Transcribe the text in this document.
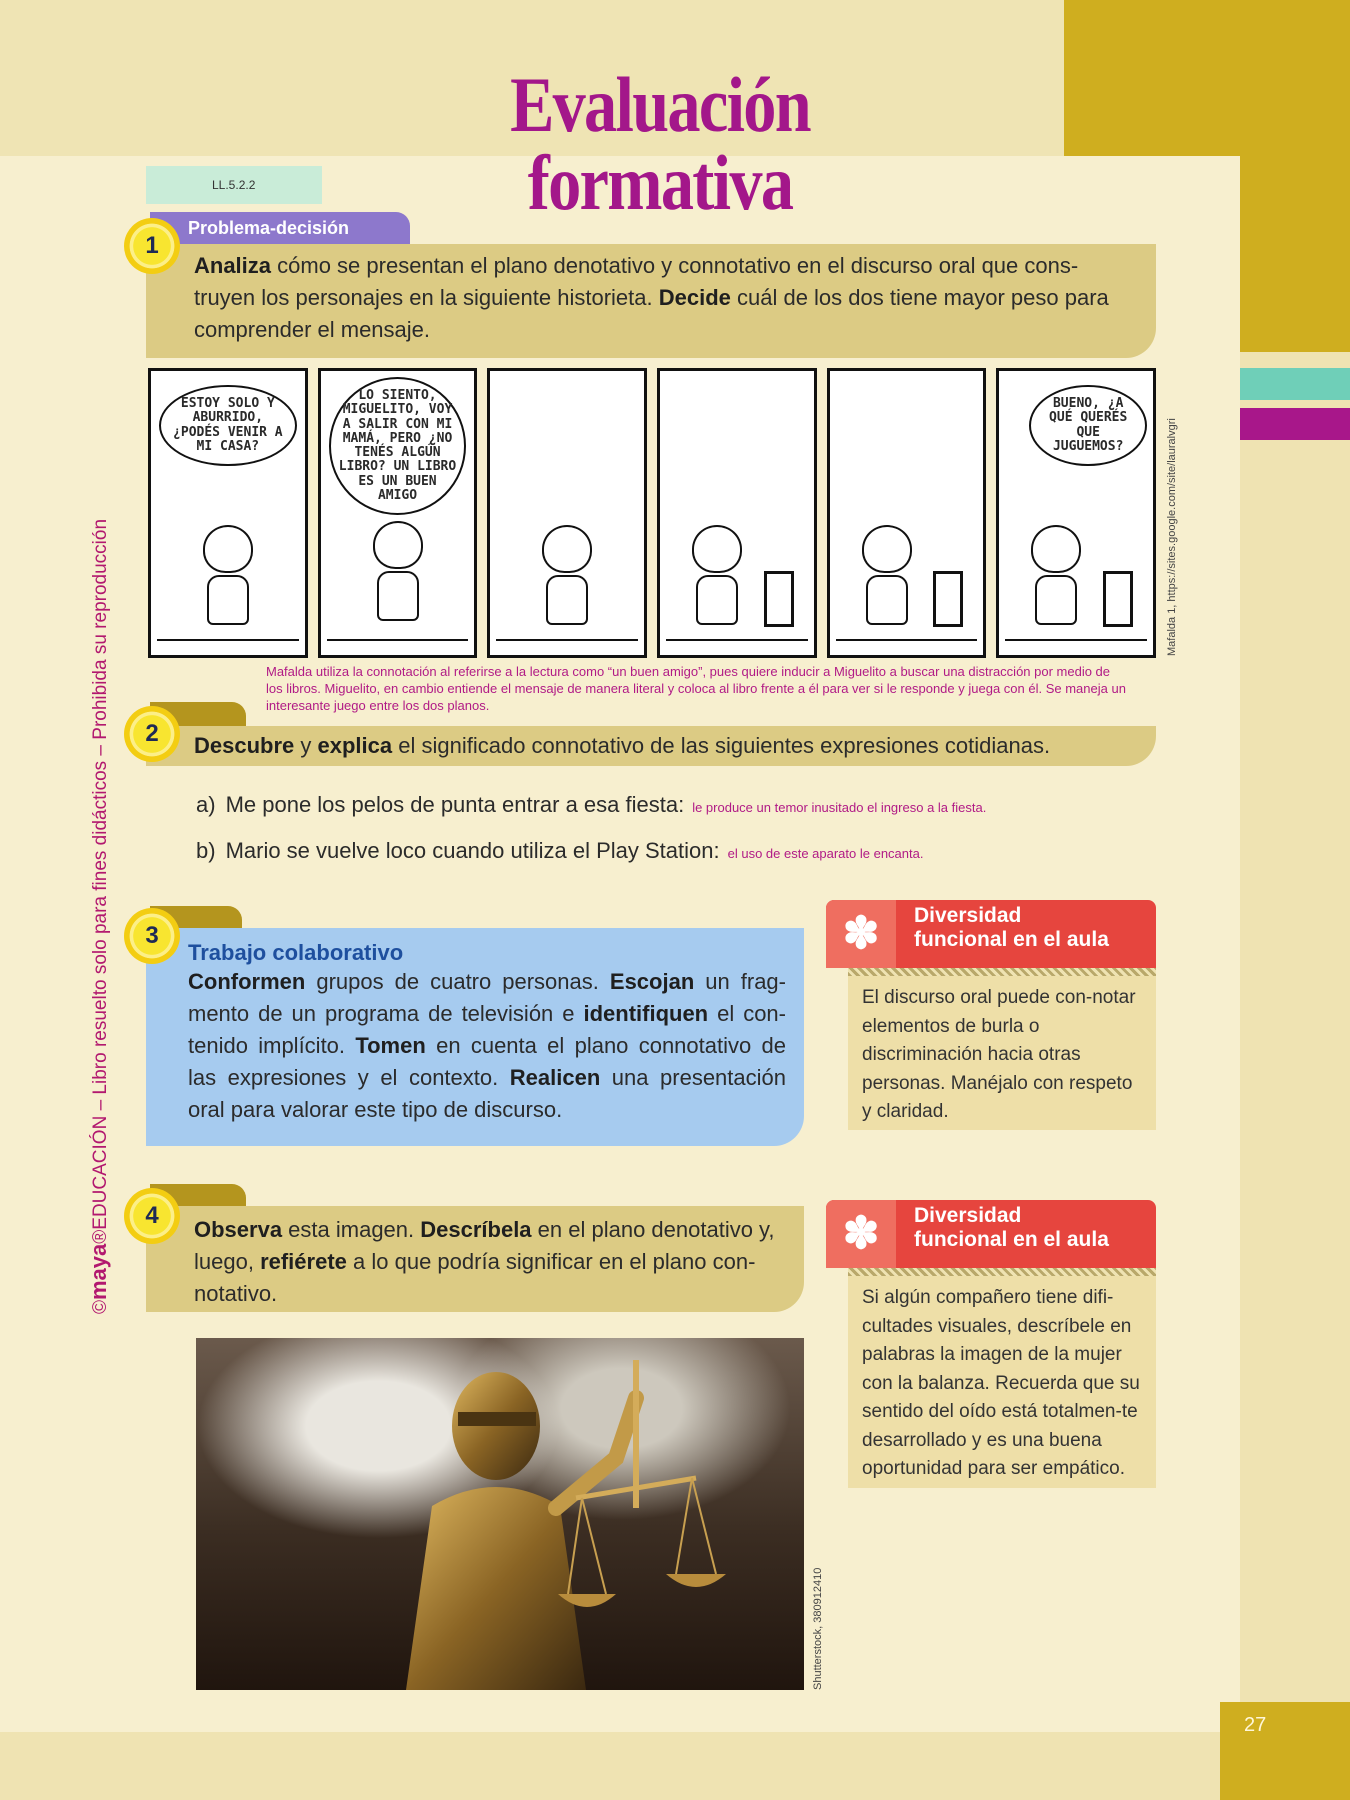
27
Evaluación formativa
©maya®EDUCACIÓN – Libro resuelto solo para fines didácticos – Prohibida su reproducción
LL.5.2.2
Problema-decisión
Analiza cómo se presentan el plano denotativo y connotativo en el discurso oral que cons-truyen los personajes en la siguiente historieta. Decide cuál de los dos tiene mayor peso para comprender el mensaje.
1
ESTOY SOLO Y ABURRIDO, ¿PODÉS VENIR A MI CASA?
LO SIENTO, MIGUELITO, VOY A SALIR CON MI MAMÁ, PERO ¿NO TENÉS ALGÚN LIBRO? UN LIBRO ES UN BUEN AMIGO
BUENO, ¿A QUÉ QUERÉS QUE JUGUEMOS?	Mafalda 1, https://sites.google.com/site/lauralvgri
Mafalda utiliza la connotación al referirse a la lectura como “un buen amigo”, pues quiere inducir a Miguelito a buscar una distracción por medio de los libros. Miguelito, en cambio entiende el mensaje de manera literal y coloca al libro frente a él para ver si le responde y juega con él. Se maneja un interesante juego entre los dos planos.
Descubre y explica el significado connotativo de las siguientes expresiones cotidianas.
2
a) Me pone los pelos de punta entrar a esa fiesta: le produce un temor inusitado el ingreso a la fiesta.
b) Mario se vuelve loco cuando utiliza el Play Station: el uso de este aparato le encanta.
Trabajo colaborativo
Conformen grupos de cuatro personas. Escojan un frag-mento de un programa de televisión e identifiquen el con-tenido implícito. Tomen en cuenta el plano connotativo de las expresiones y el contexto. Realicen una presentación oral para valorar este tipo de discurso.
3	✽	Diversidad
funcional en el aula
El discurso oral puede con-notar elementos de burla o discriminación hacia otras personas. Manéjalo con respeto y claridad.
Observa esta imagen. Descríbela en el plano denotativo y, luego, refiérete a lo que podría significar en el plano con-notativo.
4	✽	Diversidad
funcional en el aula
Si algún compañero tiene difi-cultades visuales, descríbele en palabras la imagen de la mujer con la balanza. Recuerda que su sentido del oído está totalmen-te desarrollado y es una buena oportunidad para ser empático.
Shutterstock, 380912410
